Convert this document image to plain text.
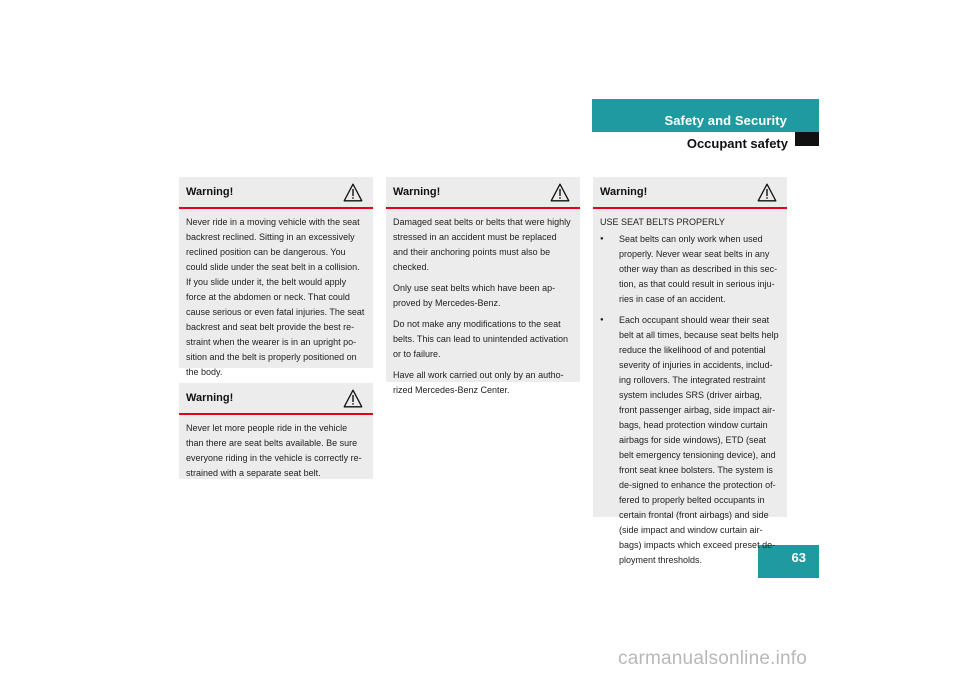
Safety and Security
Occupant safety
63
Warning!

Never ride in a moving vehicle with the seat backrest reclined. Sitting in an excessively reclined position can be dangerous. You could slide under the seat belt in a collision. If you slide under it, the belt would apply force at the abdomen or neck. That could cause serious or even fatal injuries. The seat backrest and seat belt provide the best re-straint when the wearer is in an upright po-sition and the belt is properly positioned on the body.

Warning!

Never let more people ride in the vehicle than there are seat belts available. Be sure everyone riding in the vehicle is correctly re-strained with a separate seat belt.

Warning!

Damaged seat belts or belts that were highly stressed in an accident must be replaced and their anchoring points must also be checked.

Only use seat belts which have been ap-proved by Mercedes-Benz.

Do not make any modifications to the seat belts. This can lead to unintended activation or to failure.

Have all work carried out only by an autho-rized Mercedes-Benz Center.

Warning!

USE SEAT BELTS PROPERLY

● Seat belts can only work when used properly. Never wear seat belts in any other way than as described in this sec-tion, as that could result in serious inju-ries in case of an accident.
● Each occupant should wear their seat belt at all times, because seat belts help reduce the likelihood of and potential severity of injuries in accidents, includ-ing rollovers. The integrated restraint system includes SRS (driver airbag, front passenger airbag, side impact air-bags, head protection window curtain airbags for side windows), ETD (seat belt emergency tensioning device), and front seat knee bolsters. The system is de-signed to enhance the protection of-fered to properly belted occupants in certain frontal (front airbags) and side (side impact and window curtain air-bags) impacts which exceed preset de-ployment thresholds.
carmanualsonline.info
